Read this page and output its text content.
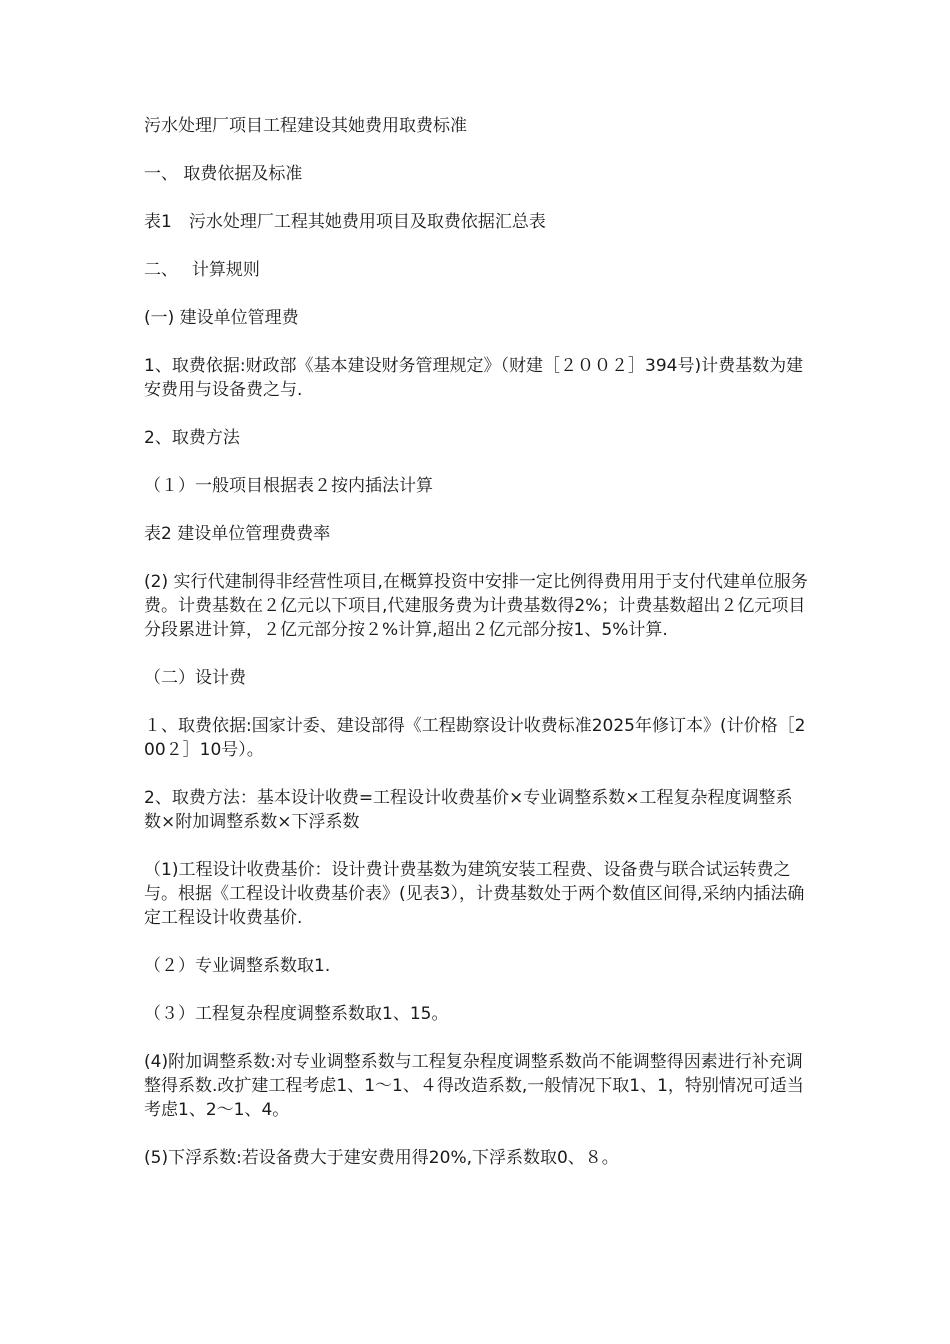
污水处理厂项目工程建设其她费用取费标准

一、 取费依据及标准

表1　污水处理厂工程其她费用项目及取费依据汇总表

二、　 计算规则

(一) 建设单位管理费

1、取费依据:财政部《基本建设财务管理规定》（财建［２００２］394号)计费基数为建安费用与设备费之与.

2、取费方法

（１）一般项目根据表２按内插法计算

表2 建设单位管理费费率

(2) 实行代建制得非经营性项目,在概算投资中安排一定比例得费用用于支付代建单位服务费。计费基数在２亿元以下项目,代建服务费为计费基数得2%；计费基数超出２亿元项目分段累进计算，２亿元部分按２%计算,超出２亿元部分按1、5%计算.

（二）设计费

１、取费依据:国家计委、建设部得《工程勘察设计收费标准2025年修订本》(计价格［200２］10号）。

2、取费方法：基本设计收费=工程设计收费基价×专业调整系数×工程复杂程度调整系数×附加调整系数×下浮系数

（1)工程设计收费基价：设计费计费基数为建筑安装工程费、设备费与联合试运转费之与。根据《工程设计收费基价表》(见表3），计费基数处于两个数值区间得,采纳内插法确定工程设计收费基价.

（２）专业调整系数取1.

（３）工程复杂程度调整系数取1、15。

(4)附加调整系数:对专业调整系数与工程复杂程度调整系数尚不能调整得因素进行补充调整得系数.改扩建工程考虑1、1～1、４得改造系数,一般情况下取1、1，特别情况可适当考虑1、2～1、4。

(5)下浮系数:若设备费大于建安费用得20%,下浮系数取0、８。
